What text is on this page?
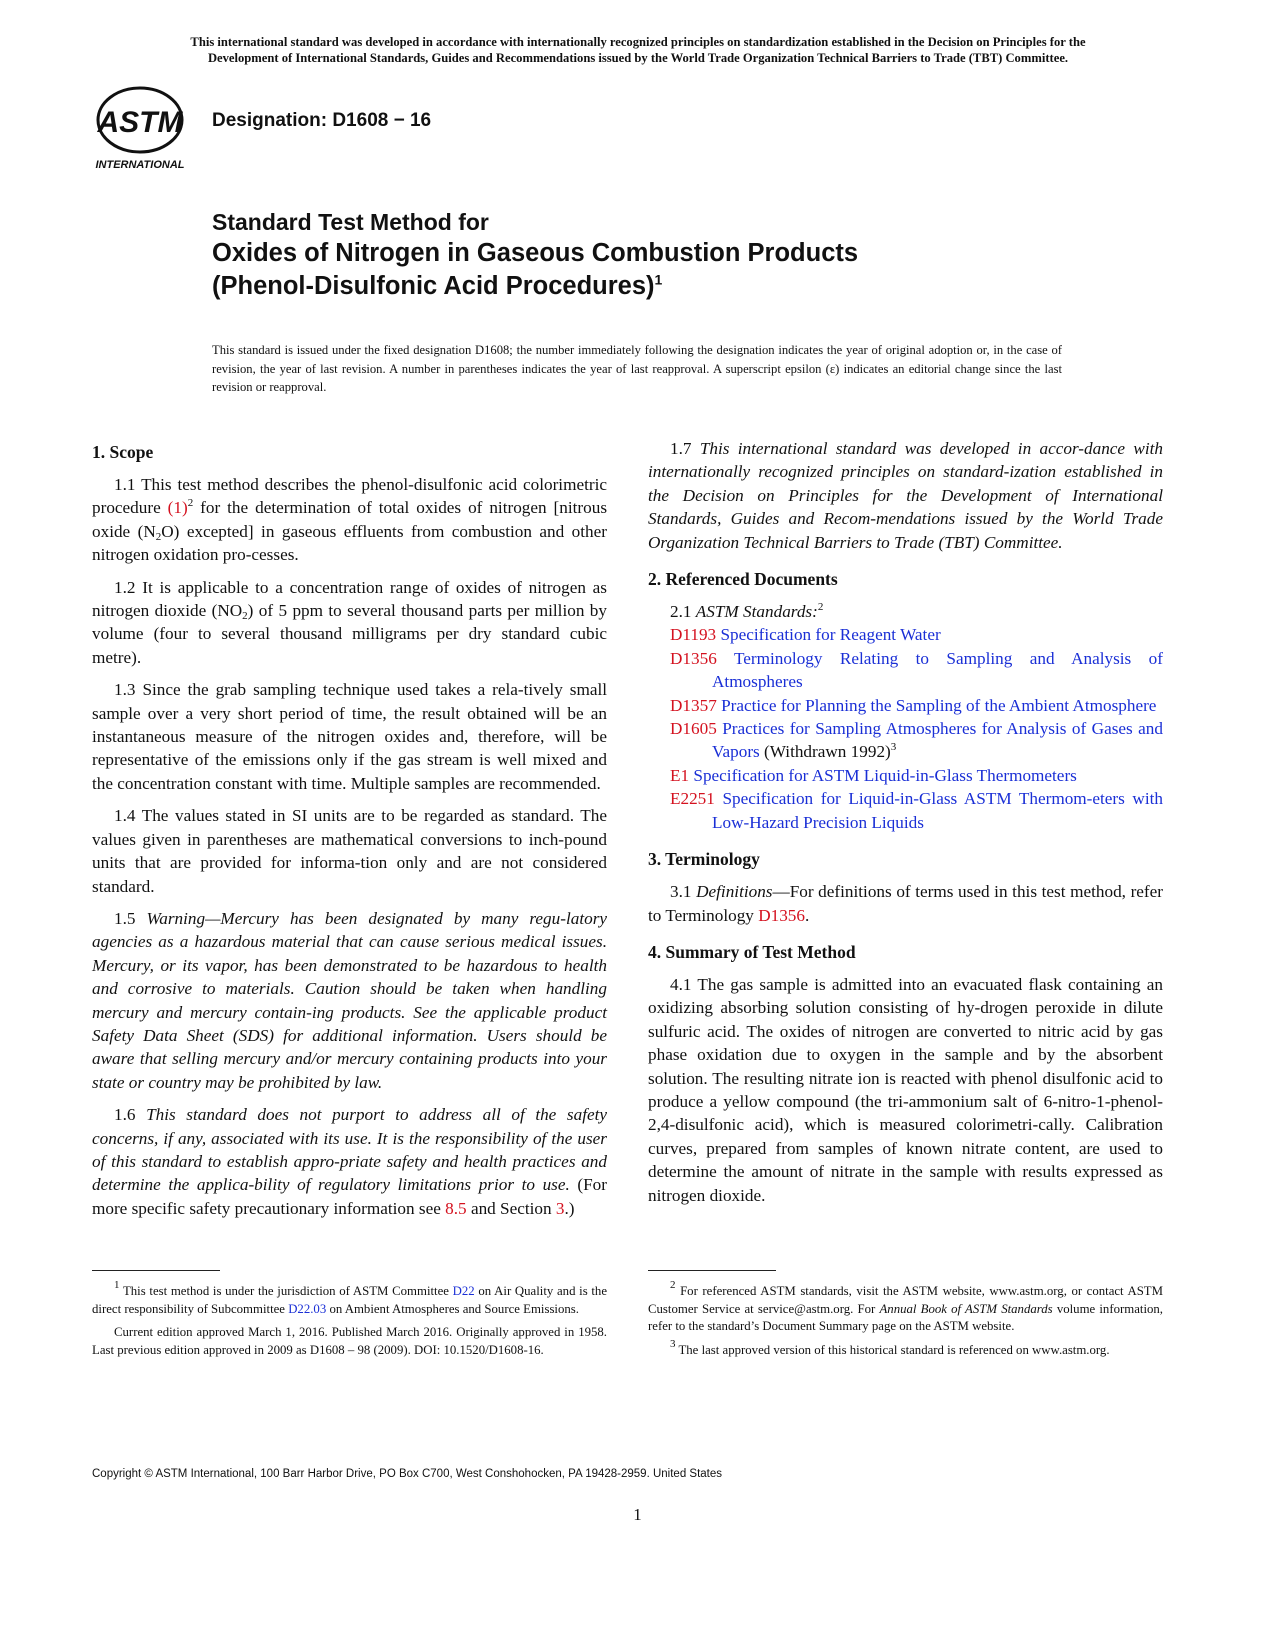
This international standard was developed in accordance with internationally recognized principles on standardization established in the Decision on Principles for the
Development of International Standards, Guides and Recommendations issued by the World Trade Organization Technical Barriers to Trade (TBT) Committee.
ASTM
INTERNATIONAL
Designation: D1608 − 16
Standard Test Method for
Oxides of Nitrogen in Gaseous Combustion Products
(Phenol-Disulfonic Acid Procedures)$^1$
This standard is issued under the fixed designation D1608; the number immediately following the designation indicates the year of original adoption or, in the case of revision, the year of last revision. A number in parentheses indicates the year of last reapproval. A superscript epsilon (ε) indicates an editorial change since the last revision or reapproval.
1. Scope

1.1 This test method describes the phenol-disulfonic acid colorimetric procedure $(1)^2$ for the determination of total oxides of nitrogen [nitrous oxide $(N_2O)$ excepted] in gaseous effluents from combustion and other nitrogen oxidation pro-cesses.

1.2 It is applicable to a concentration range of oxides of nitrogen as nitrogen dioxide $(NO_2)$ of 5 ppm to several thousand parts per million by volume (four to several thousand milligrams per dry standard cubic metre).

1.3 Since the grab sampling technique used takes a rela-tively small sample over a very short period of time, the result obtained will be an instantaneous measure of the nitrogen oxides and, therefore, will be representative of the emissions only if the gas stream is well mixed and the concentration constant with time. Multiple samples are recommended.

1.4 The values stated in SI units are to be regarded as standard. The values given in parentheses are mathematical conversions to inch-pound units that are provided for informa-tion only and are not considered standard.

1.5 Warning—Mercury has been designated by many regu-latory agencies as a hazardous material that can cause serious medical issues. Mercury, or its vapor, has been demonstrated to be hazardous to health and corrosive to materials. Caution should be taken when handling mercury and mercury contain-ing products. See the applicable product Safety Data Sheet (SDS) for additional information. Users should be aware that selling mercury and/or mercury containing products into your state or country may be prohibited by law.

1.6 This standard does not purport to address all of the safety concerns, if any, associated with its use. It is the responsibility of the user of this standard to establish appro-priate safety and health practices and determine the applica-bility of regulatory limitations prior to use. (For more specific safety precautionary information see 8.5 and Section 3.)

1.7 This international standard was developed in accor-dance with internationally recognized principles on standard-ization established in the Decision on Principles for the Development of International Standards, Guides and Recom-mendations issued by the World Trade Organization Technical Barriers to Trade (TBT) Committee.

2. Referenced Documents

2.1 ASTM Standards:$^2$

D1193 Specification for Reagent Water
D1356 Terminology Relating to Sampling and Analysis of Atmospheres
D1357 Practice for Planning the Sampling of the Ambient Atmosphere
D1605 Practices for Sampling Atmospheres for Analysis of Gases and Vapors (Withdrawn 1992)$^3$
E1 Specification for ASTM Liquid-in-Glass Thermometers
E2251 Specification for Liquid-in-Glass ASTM Thermom-eters with Low-Hazard Precision Liquids
3. Terminology

3.1 Definitions—For definitions of terms used in this test method, refer to Terminology D1356.

4. Summary of Test Method

4.1 The gas sample is admitted into an evacuated flask containing an oxidizing absorbing solution consisting of hy-drogen peroxide in dilute sulfuric acid. The oxides of nitrogen are converted to nitric acid by gas phase oxidation due to oxygen in the sample and by the absorbent solution. The resulting nitrate ion is reacted with phenol disulfonic acid to produce a yellow compound (the tri-ammonium salt of 6-nitro-1-phenol-2,4-disulfonic acid), which is measured colorimetri-cally. Calibration curves, prepared from samples of known nitrate content, are used to determine the amount of nitrate in the sample with results expressed as nitrogen dioxide.

$^1$ This test method is under the jurisdiction of ASTM Committee D22 on Air Quality and is the direct responsibility of Subcommittee D22.03 on Ambient Atmospheres and Source Emissions.

Current edition approved March 1, 2016. Published March 2016. Originally approved in 1958. Last previous edition approved in 2009 as D1608 – 98 (2009). DOI: 10.1520/D1608-16.

$^2$ For referenced ASTM standards, visit the ASTM website, www.astm.org, or contact ASTM Customer Service at service@astm.org. For Annual Book of ASTM Standards volume information, refer to the standard’s Document Summary page on the ASTM website.

$^3$ The last approved version of this historical standard is referenced on www.astm.org.

Copyright © ASTM International, 100 Barr Harbor Drive, PO Box C700, West Conshohocken, PA 19428-2959. United States
1
